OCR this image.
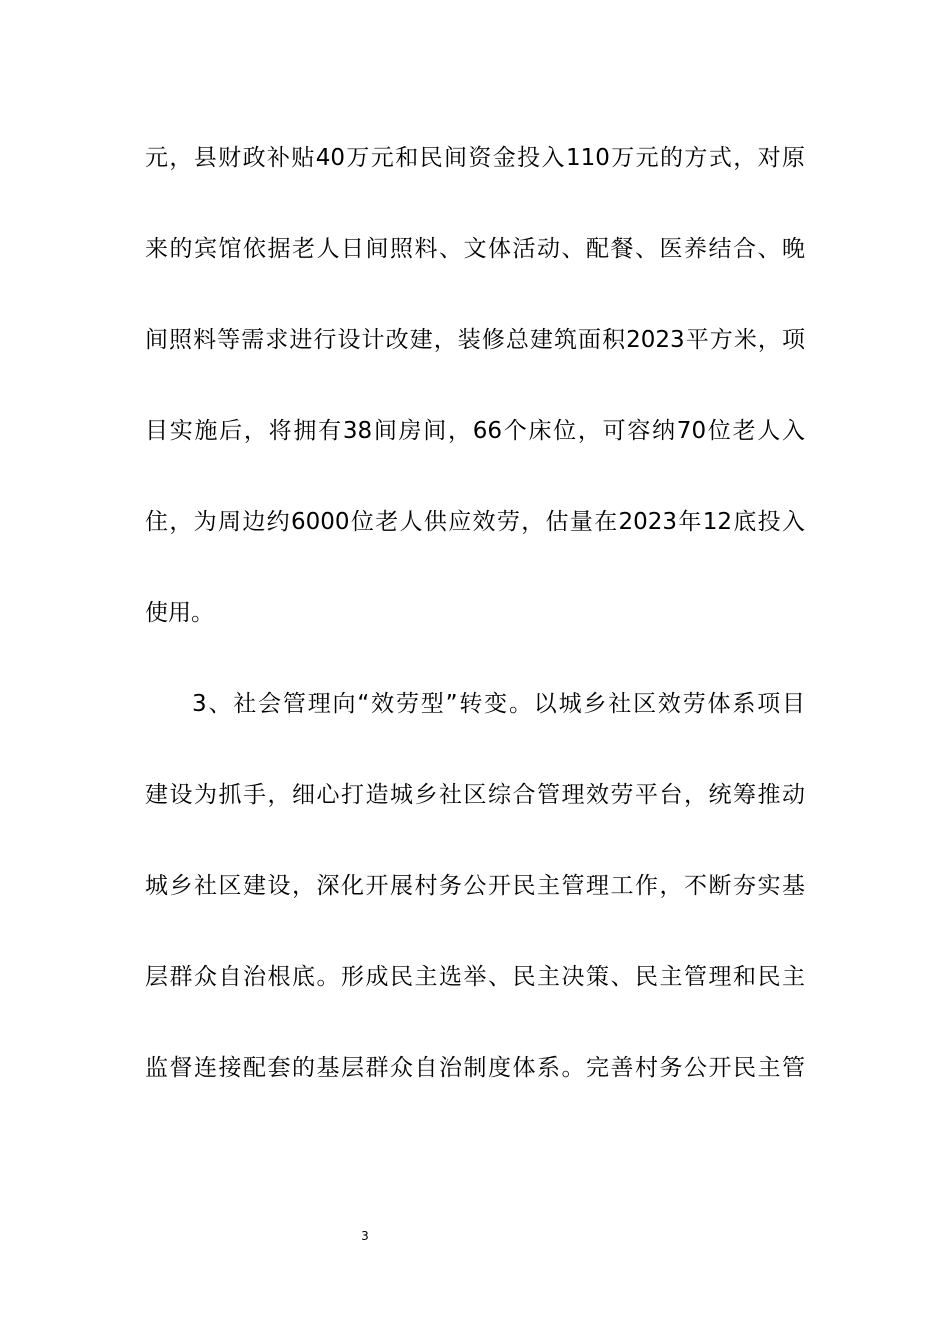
元，县财政补贴40万元和民间资金投入110万元的方式，对原
来的宾馆依据老人日间照料、文体活动、配餐、医养结合、晚
间照料等需求进行设计改建，装修总建筑面积2023平方米，项
目实施后，将拥有38间房间，66个床位，可容纳70位老人入
住，为周边约6000位老人供应效劳，估量在2023年12底投入
使用。
3、社会管理向“效劳型”转变。以城乡社区效劳体系项目
建设为抓手，细心打造城乡社区综合管理效劳平台，统筹推动
城乡社区建设，深化开展村务公开民主管理工作，不断夯实基
层群众自治根底。形成民主选举、民主决策、民主管理和民主
监督连接配套的基层群众自治制度体系。完善村务公开民主管
3
